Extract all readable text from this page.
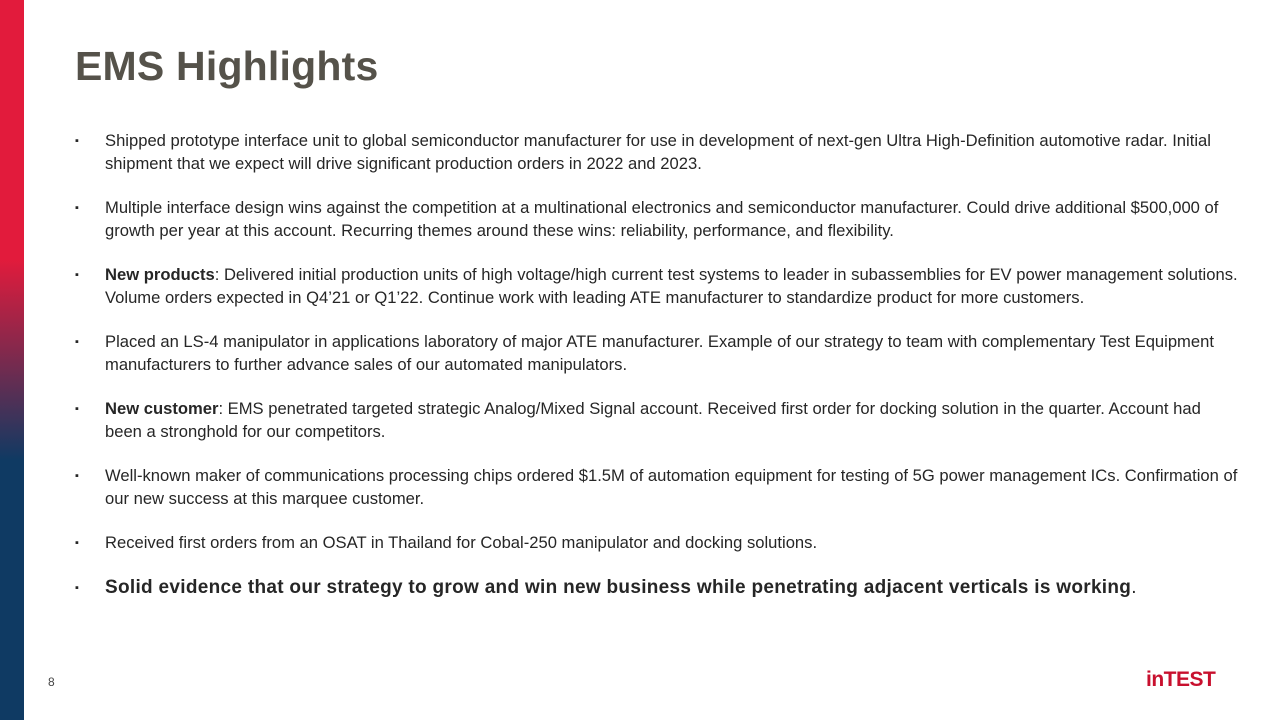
EMS Highlights
▪	Shipped prototype interface unit to global semiconductor manufacturer for use in development of next-gen Ultra High-Definition automotive radar. Initial shipment that we expect will drive significant production orders in 2022 and 2023.
▪	Multiple interface design wins against the competition at a multinational electronics and semiconductor manufacturer. Could drive additional $500,000 of growth per year at this account. Recurring themes around these wins: reliability, performance, and flexibility.
▪	New products: Delivered initial production units of high voltage/high current test systems to leader in subassemblies for EV power management solutions. Volume orders expected in Q4’21 or Q1’22. Continue work with leading ATE manufacturer to standardize product for more customers.
▪	Placed an LS-4 manipulator in applications laboratory of major ATE manufacturer. Example of our strategy to team with complementary Test Equipment manufacturers to further advance sales of our automated manipulators.
▪	New customer: EMS penetrated targeted strategic Analog/Mixed Signal account. Received first order for docking solution in the quarter. Account had been a stronghold for our competitors.
▪	Well-known maker of communications processing chips ordered $1.5M of automation equipment for testing of 5G power management ICs. Confirmation of our new success at this marquee customer.
▪	Received first orders from an OSAT in Thailand for Cobal-250 manipulator and docking solutions.
▪	Solid evidence that our strategy to grow and win new business while penetrating adjacent verticals is working.
8	inTEST
